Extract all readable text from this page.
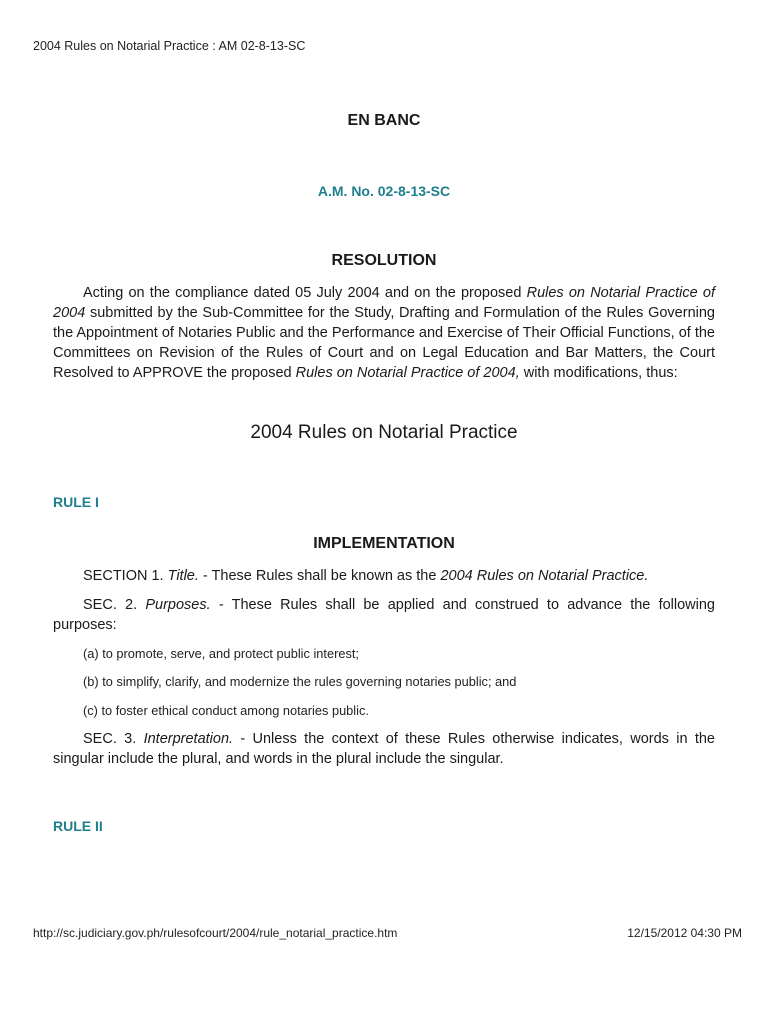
2004 Rules on Notarial Practice : AM 02-8-13-SC
EN BANC
A.M. No. 02-8-13-SC
RESOLUTION
Acting on the compliance dated 05 July 2004 and on the proposed Rules on Notarial Practice of 2004 submitted by the Sub-Committee for the Study, Drafting and Formulation of the Rules Governing the Appointment of Notaries Public and the Performance and Exercise of Their Official Functions, of the Committees on Revision of the Rules of Court and on Legal Education and Bar Matters, the Court Resolved to APPROVE the proposed Rules on Notarial Practice of 2004, with modifications, thus:
2004 Rules on Notarial Practice
RULE I
IMPLEMENTATION
SECTION 1. Title. - These Rules shall be known as the 2004 Rules on Notarial Practice.
SEC. 2. Purposes. - These Rules shall be applied and construed to advance the following purposes:
(a) to promote, serve, and protect public interest;
(b) to simplify, clarify, and modernize the rules governing notaries public; and
(c) to foster ethical conduct among notaries public.
SEC. 3. Interpretation. - Unless the context of these Rules otherwise indicates, words in the singular include the plural, and words in the plural include the singular.
RULE II
http://sc.judiciary.gov.ph/rulesofcourt/2004/rule_notarial_practice.htm	12/15/2012 04:30 PM
